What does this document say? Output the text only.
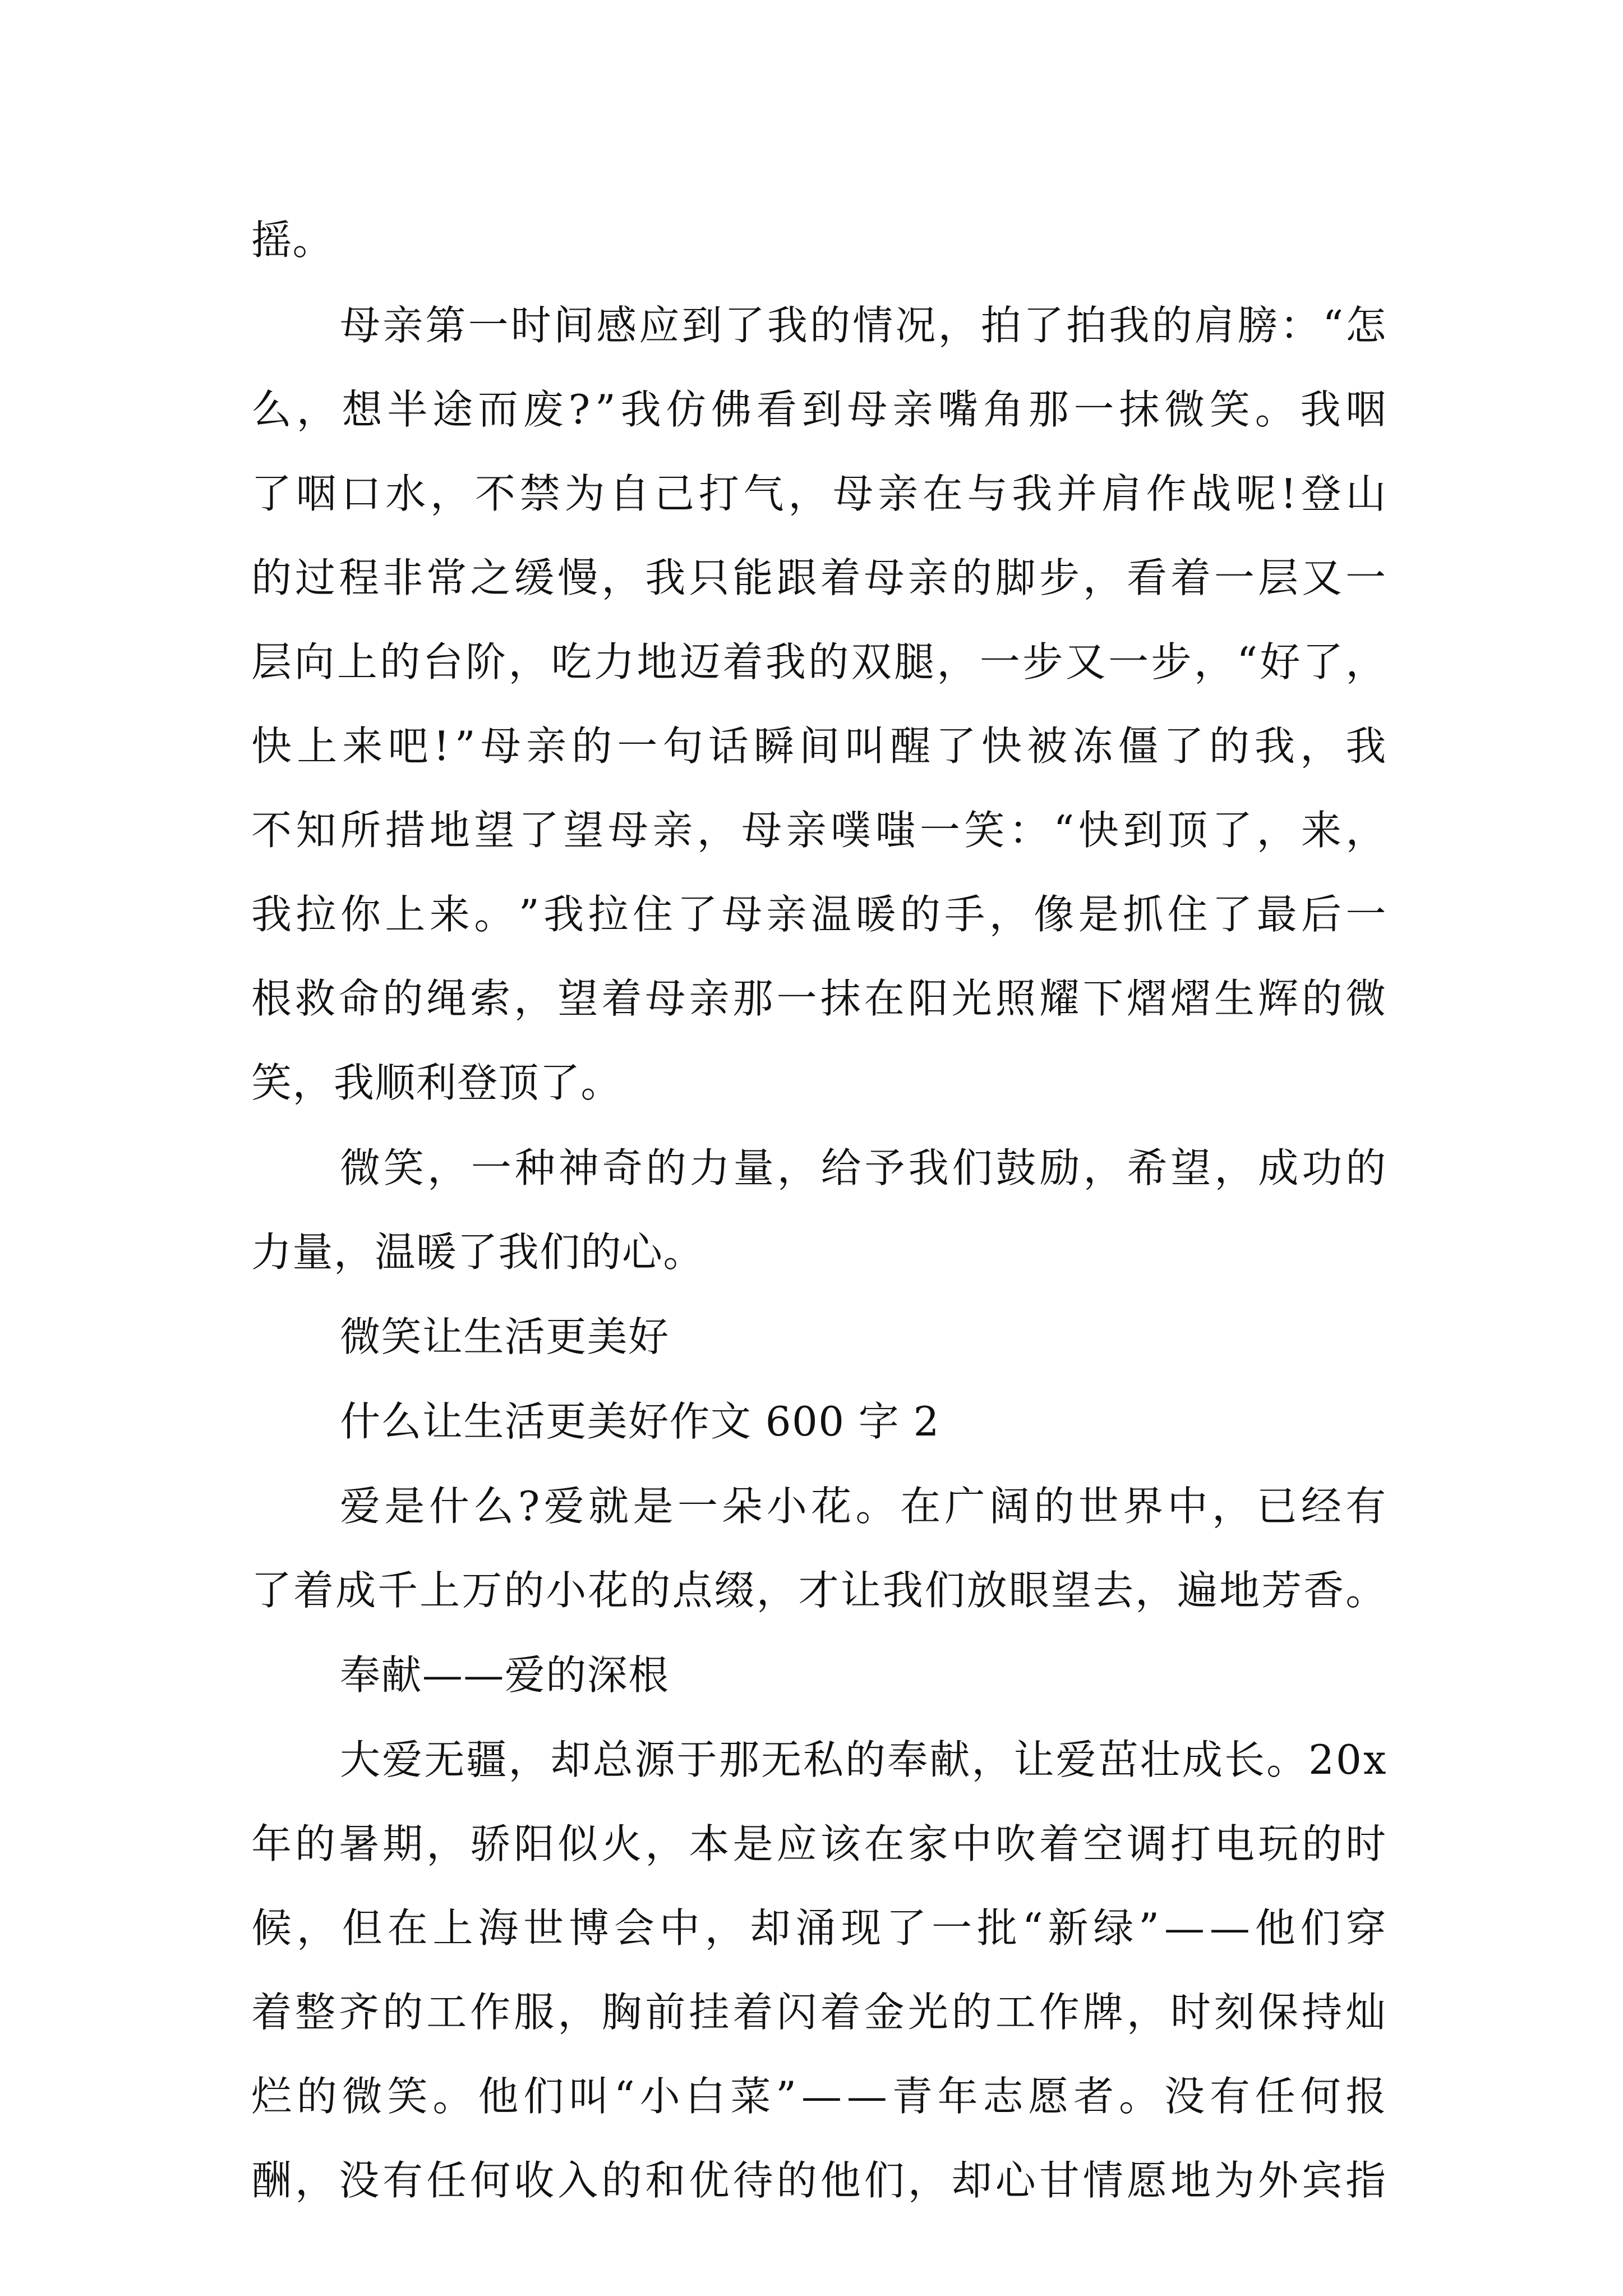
摇。
母 亲 第 一 时 间 感 应 到 了 我 的 情 况 ， 拍 了 拍 我 的 肩 膀 ： “ 怎
么 ， 想 半 途 而 废 ? ” 我 仿 佛 看 到 母 亲 嘴 角 那 一 抹 微 笑 。 我 咽
了 咽 口 水 ， 不 禁 为 自 己 打 气 ， 母 亲 在 与 我 并 肩 作 战 呢 ! 登 山
的 过 程 非 常 之 缓 慢 ， 我 只 能 跟 着 母 亲 的 脚 步 ， 看 着 一 层 又 一
层 向 上 的 台 阶 ， 吃 力 地 迈 着 我 的 双 腿 ， 一 步 又 一 步 ， “ 好 了 ，
快 上 来 吧 ! ” 母 亲 的 一 句 话 瞬 间 叫 醒 了 快 被 冻 僵 了 的 我 ， 我
不 知 所 措 地 望 了 望 母 亲 ， 母 亲 噗 嗤 一 笑 ： “ 快 到 顶 了 ， 来 ，
我 拉 你 上 来 。 ” 我 拉 住 了 母 亲 温 暖 的 手 ， 像 是 抓 住 了 最 后 一
根 救 命 的 绳 索 ， 望 着 母 亲 那 一 抹 在 阳 光 照 耀 下 熠 熠 生 辉 的 微
笑，我顺利登顶了。
微 笑 ， 一 种 神 奇 的 力 量 ， 给 予 我 们 鼓 励 ， 希 望 ， 成 功 的
力量，温暖了我们的心。
微笑让生活更美好
什么让生活更美好作文 600 字 2
爱 是 什 么 ? 爱 就 是 一 朵 小 花 。 在 广 阔 的 世 界 中 ， 已 经 有
了 着 成 千 上 万 的 小 花 的 点 缀 ， 才 让 我 们 放 眼 望 去 ， 遍 地 芳 香 。
奉献——爱的深根
大 爱 无 疆 ， 却 总 源 于 那 无 私 的 奉 献 ， 让 爱 茁 壮 成 长 。 2 0 x
年 的 暑 期 ， 骄 阳 似 火 ， 本 是 应 该 在 家 中 吹 着 空 调 打 电 玩 的 时
候 ， 但 在 上 海 世 博 会 中 ， 却 涌 现 了 一 批 “ 新 绿 ” — — 他 们 穿
着 整 齐 的 工 作 服 ， 胸 前 挂 着 闪 着 金 光 的 工 作 牌 ， 时 刻 保 持 灿
烂 的 微 笑 。 他 们 叫 “ 小 白 菜 ” — — 青 年 志 愿 者 。 没 有 任 何 报
酬 ， 没 有 任 何 收 入 的 和 优 待 的 他 们 ， 却 心 甘 情 愿 地 为 外 宾 指
